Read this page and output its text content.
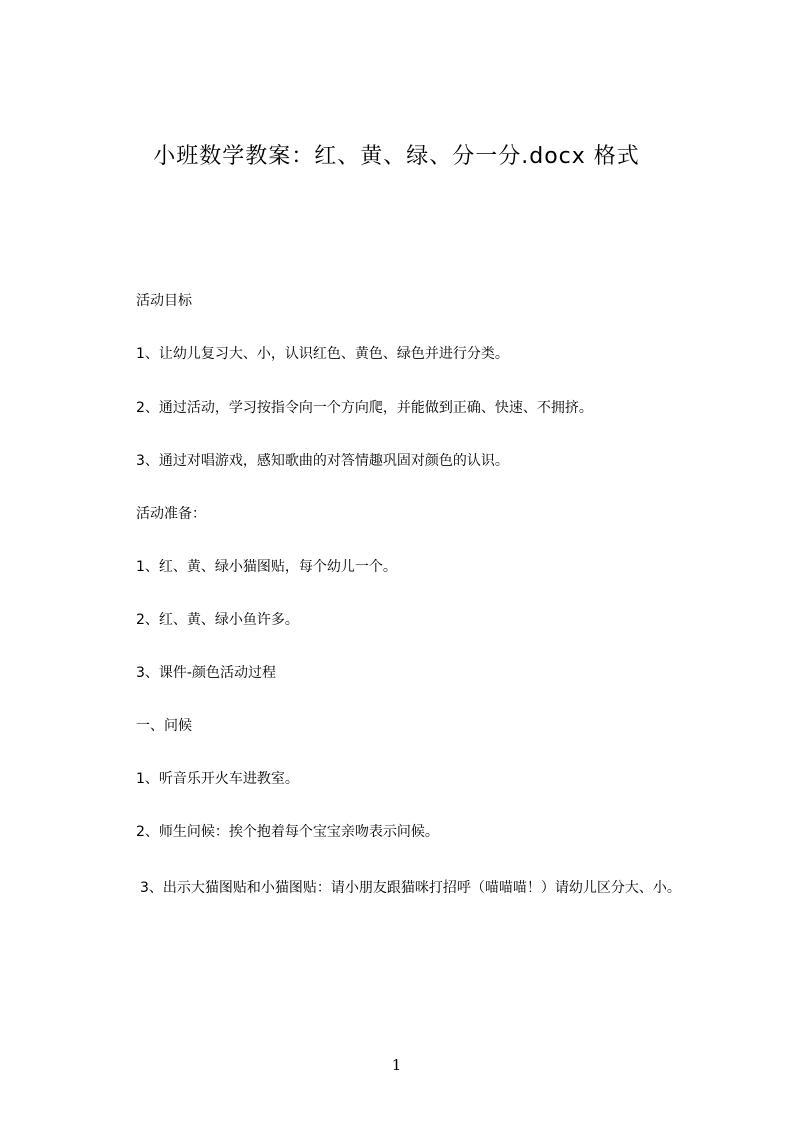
小班数学教案：红、黄、绿、分一分.docx 格式
活动目标
1、让幼儿复习大、小，认识红色、黄色、绿色并进行分类。
2、通过活动，学习按指令向一个方向爬，并能做到正确、快速、不拥挤。
3、通过对唱游戏，感知歌曲的对答情趣巩固对颜色的认识。
活动准备：
1、红、黄、绿小猫图贴，每个幼儿一个。
2、红、黄、绿小鱼许多。
3、课件-颜色活动过程
一、问候
1、听音乐开火车进教室。
2、师生问候：挨个抱着每个宝宝亲吻表示问候。
3、出示大猫图贴和小猫图贴：请小朋友跟猫咪打招呼（喵喵喵！）请幼儿区分大、小。
1
